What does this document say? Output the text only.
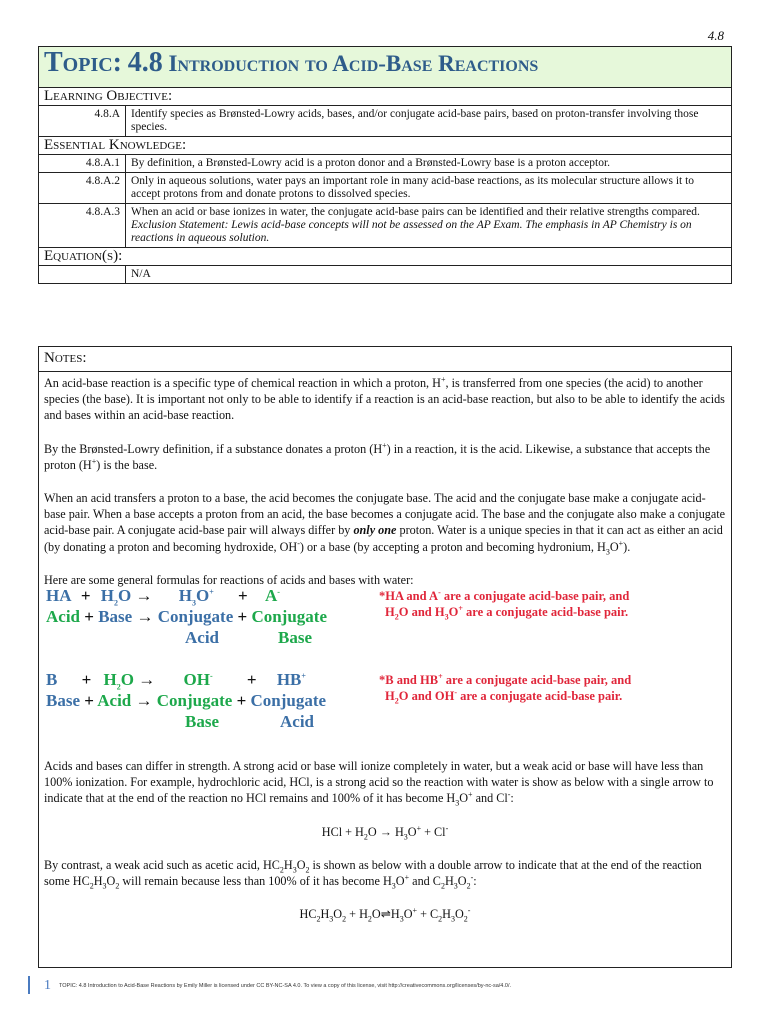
4.8
Topic: 4.8 Introduction to Acid-Base Reactions	
Learning Objective:	
4.8.A	Identify species as Brønsted-Lowry acids, bases, and/or conjugate acid-base pairs, based on proton-transfer involving those species.
Essential Knowledge:	
4.8.A.1	By definition, a Brønsted-Lowry acid is a proton donor and a Brønsted-Lowry base is a proton acceptor.
4.8.A.2	Only in aqueous solutions, water pays an important role in many acid-base reactions, as its molecular structure allows it to accept protons from and donate protons to dissolved species.
4.8.A.3	When an acid or base ionizes in water, the conjugate acid-base pairs can be identified and their relative strengths compared.
Exclusion Statement: Lewis acid-base concepts will not be assessed on the AP Exam. The emphasis in AP Chemistry is on reactions in aqueous solution.

Equation(s):	
	N/A
Notes:

An acid-base reaction is a specific type of chemical reaction in which a proton, H+, is transferred from one species (the acid) to another species (the base). It is important not only to be able to identify if a reaction is an acid-base reaction, but also to be able to identify the acids and bases within an acid-base reaction.

By the Brønsted-Lowry definition, if a substance donates a proton (H+) in a reaction, it is the acid. Likewise, a substance that accepts the proton (H+) is the base.

When an acid transfers a proton to a base, the acid becomes the conjugate base. The acid and the conjugate base make a conjugate acid-base pair. When a base accepts a proton from an acid, the base becomes a conjugate acid. The base and the conjugate also make a conjugate acid-base pair. A conjugate acid-base pair will always differ by only one proton. Water is a unique species in that it can act as either an acid (by donating a proton and becoming hydroxide, OH-) or a base (by accepting a proton and becoming hydronium, $H_3O^+$).

Here are some general formulas for reactions of acids and bases with water:
HA + $H_2O \to H_3O^+ + A^-$
Acid + Base → Conjugate + Conjugate
Acid	Base
*HA and A- are a conjugate acid-base pair, and
$H_2O$ and $H_3O^+$ are a conjugate acid-base pair.
$B + H_2O \to OH^- + HB^+$
Base + Acid → Conjugate + Conjugate
Base	Acid
*B and HB+ are a conjugate acid-base pair, and
$H_2O$ and OH- are a conjugate acid-base pair.

Acids and bases can differ in strength. A strong acid or base will ionize completely in water, but a weak acid or base will have less than 100% ionization. For example, hydrochloric acid, HCl, is a strong acid so the reaction with water is show as below with a single arrow to indicate that at the end of the reaction no HCl remains and 100% of it has become $H_3O^+$ and Cl-:

HCl + $H_2O \to H_3O^+ + Cl^-$

By contrast, a weak acid such as acetic acid, $HC_2H_3O_2$ is shown as below with a double arrow to indicate that at the end of the reaction some $HC_2H_3O_2$ will remain because less than 100% of it has become $H_3O^+$ and $C_2H_3O_2^-$:

$HC_2H_3O_2$ + $H_2O\rightleftharpoons H_3O^+ + C_2H_3O_2^-$
1 TOPIC: 4.8 Introduction to Acid-Base Reactions by Emily Miller is licensed under CC BY-NC-SA 4.0. To view a copy of this license, visit http://creativecommons.org/licenses/by-nc-sa/4.0/.
